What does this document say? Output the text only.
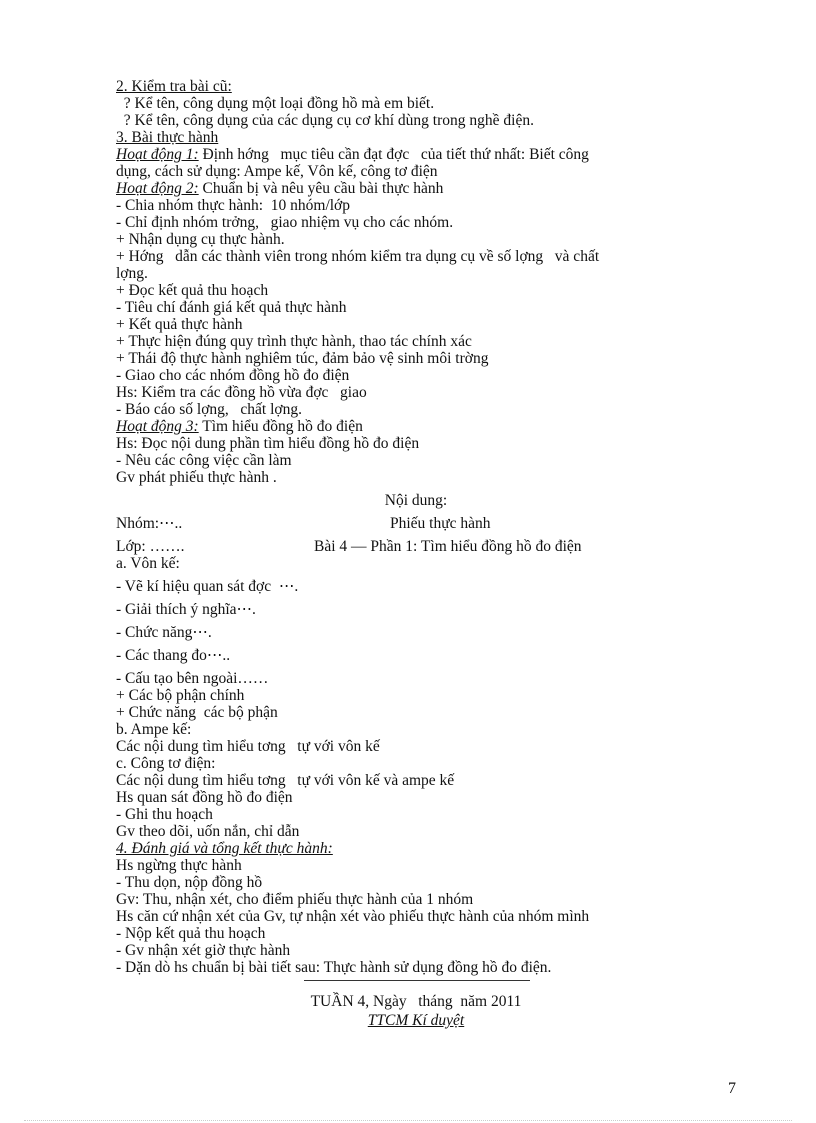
2. Kiểm tra bài cũ:
? Kể tên, công dụng một loại đồng hồ mà em biết.
? Kể tên, công dụng của các dụng cụ cơ khí dùng trong nghề điện.
3. Bài thực hành
Hoạt động 1: Định hớng   mục tiêu cần đạt đợc   của tiết thứ nhất: Biết công
dụng, cách sử dụng: Ampe kế, Vôn kế, công tơ điện
Hoạt động 2: Chuẩn bị và nêu yêu cầu bài thực hành
- Chia nhóm thực hành:  10 nhóm/lớp
- Chỉ định nhóm trởng,   giao nhiệm vụ cho các nhóm.
+ Nhận dụng cụ thực hành.
+ Hớng   dẫn các thành viên trong nhóm kiểm tra dụng cụ về số lợng   và chất
lợng.
+ Đọc kết quả thu hoạch
- Tiêu chí đánh giá kết quả thực hành
+ Kết quả thực hành
+ Thực hiện đúng quy trình thực hành, thao tác chính xác
+ Thái độ thực hành nghiêm túc, đảm bảo vệ sinh môi trờng
- Giao cho các nhóm đồng hồ đo điện
Hs: Kiểm tra các đồng hồ vừa đợc   giao
- Báo cáo số lợng,   chất lợng.
Hoạt động 3: Tìm hiểu đồng hồ đo điện
Hs: Đọc nội dung phần tìm hiểu đồng hồ đo điện
- Nêu các công việc cần làm
Gv phát phiếu thực hành .
Nội dung:
Nhóm:⋯..	Phiếu thực hành
Lớp: …….	Bài 4 — Phần 1: Tìm hiểu đồng hồ đo điện
a. Vôn kế:
- Vẽ kí hiệu quan sát đợc  ⋯.
- Giải thích ý nghĩa⋯.
- Chức năng⋯.
- Các thang đo⋯..
- Cấu tạo bên ngoài……
+ Các bộ phận chính
+ Chức năng  các bộ phận
b. Ampe kế:
Các nội dung tìm hiểu tơng   tự với vôn kế
c. Công tơ điện:
Các nội dung tìm hiểu tơng   tự với vôn kế và ampe kế
Hs quan sát đồng hồ đo điện
- Ghi thu hoạch
Gv theo dõi, uốn nắn, chỉ dẫn
4. Đánh giá và tổng kết thực hành:
Hs ngừng thực hành
- Thu dọn, nộp đồng hồ
Gv: Thu, nhận xét, cho điểm phiếu thực hành của 1 nhóm
Hs căn cứ nhận xét của Gv, tự nhận xét vào phiếu thực hành của nhóm mình
- Nộp kết quả thu hoạch
- Gv nhận xét giờ thực hành
- Dặn dò hs chuẩn bị bài tiết sau: Thực hành sử dụng đồng hồ đo điện.
TUẦN 4, Ngày   tháng  năm 2011
TTCM Kí duyệt
7
